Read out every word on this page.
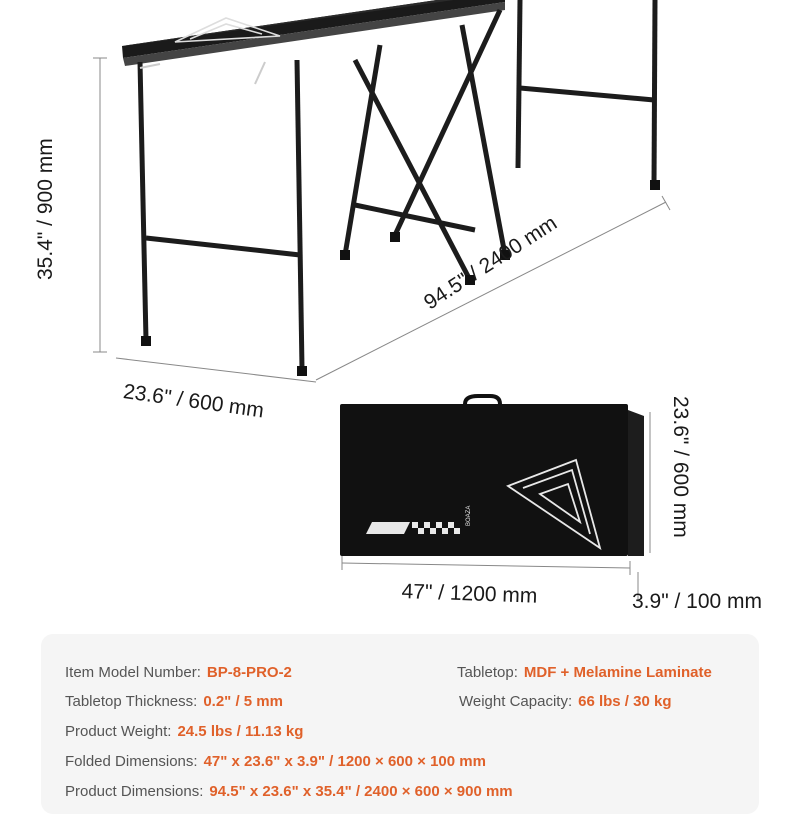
BOAZA
35.4" / 900 mm	94.5" / 2400 mm
23.6" / 600 mm	23.6" / 600 mm
47" / 1200 mm	3.9" / 100 mm
Item Model Number: BP-8-PRO-2	Tabletop: MDF + Melamine Laminate
Tabletop Thickness: 0.2" / 5 mm	Weight Capacity: 66 lbs / 30 kg
Product Weight: 24.5 lbs / 11.13 kg
Folded Dimensions: 47" x 23.6" x 3.9" / 1200 × 600 × 100 mm
Product Dimensions: 94.5" x 23.6" x 35.4" / 2400 × 600 × 900 mm
